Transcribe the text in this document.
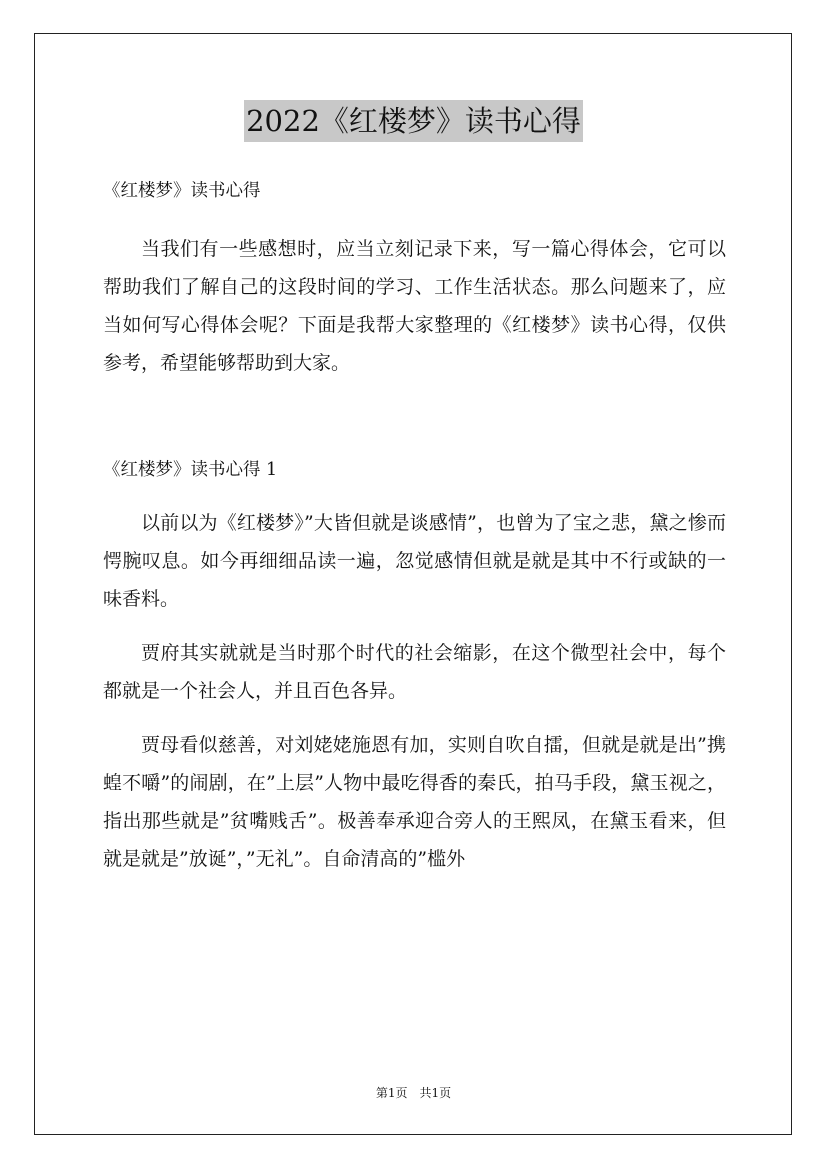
2022《红楼梦》读书心得

《红楼梦》读书心得

当我们有一些感想时，应当立刻记录下来，写一篇心得体会，它可以帮助我们了解自己的这段时间的学习、工作生活状态。那么问题来了，应当如何写心得体会呢？下面是我帮大家整理的《红楼梦》读书心得，仅供参考，希望能够帮助到大家。

《红楼梦》读书心得 1

以前以为《红楼梦》”大皆但就是谈感情”，也曾为了宝之悲，黛之惨而愕腕叹息。如今再细细品读一遍，忽觉感情但就是就是其中不行或缺的一味香料。

贾府其实就就是当时那个时代的社会缩影，在这个微型社会中，每个都就是一个社会人，并且百色各异。

贾母看似慈善，对刘姥姥施恩有加，实则自吹自擂，但就是就是出”携蝗不嚼”的闹剧，在”上层”人物中最吃得香的秦氏，拍马手段，黛玉视之，指出那些就是”贫嘴贱舌”。极善奉承迎合旁人的王熙凤，在黛玉看来，但就是就是”放诞”，”无礼”。自命清高的”槛外

第1页　共1页
